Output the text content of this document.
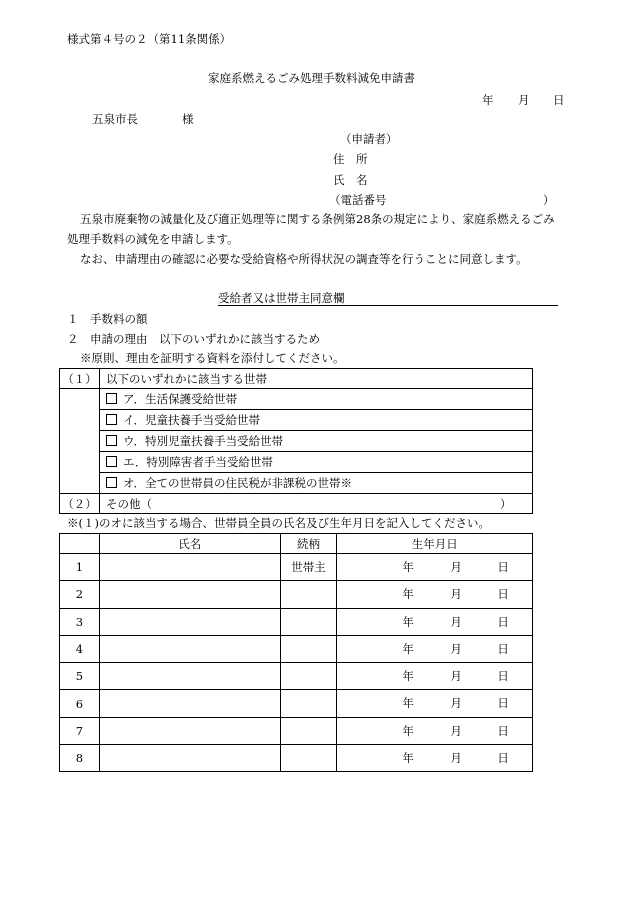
様式第４号の２（第11条関係）
家庭系燃えるごみ処理手数料減免申請書
年 月 日
五泉市長	様
（申請者）
住　所
氏　名
（電話番号	）
五泉市廃棄物の減量化及び適正処理等に関する条例第28条の規定により、家庭系燃えるごみ
処理手数料の減免を申請します。
なお、申請理由の確認に必要な受給資格や所得状況の調査等を行うことに同意します。
受給者又は世帯主同意欄
１　手数料の額
２　申請の理由　以下のいずれかに該当するため
※原則、理由を証明する資料を添付してください。
（１）	以下のいずれかに該当する世帯

	ア．生活保護受給世帯
イ．児童扶養手当受給世帯
ウ．特別児童扶養手当受給世帯
エ．特別障害者手当受給世帯
オ．全ての世帯員の住民税が非課税の世帯※

（２）	その他（ ）
※(１)のオに該当する場合、世帯員全員の氏名及び生年月日を記入してください。
	氏名	続柄	生年月日
1		世帯主	年 月 日

2			年 月 日

3			年 月 日

4			年 月 日

5			年 月 日

6			年 月 日

7			年 月 日

8			年 月 日
